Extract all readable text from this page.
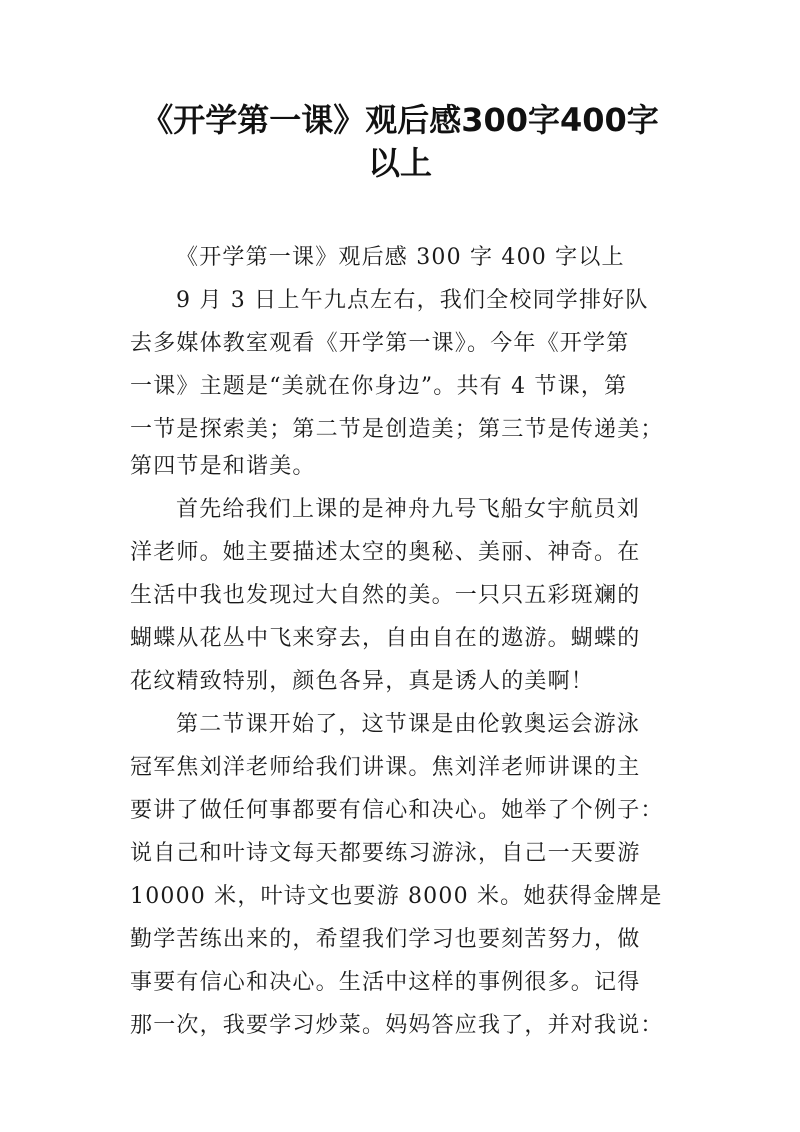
《开学第一课》观后感300字400字
以上
《开学第一课》观后感 300 字 400 字以上
9 月 3 日上午九点左右，我们全校同学排好队
去多媒体教室观看《开学第一课》。今年《开学第
一课》主题是“美就在你身边”。共有 4 节课，第
一节是探索美；第二节是创造美；第三节是传递美；
第四节是和谐美。
首先给我们上课的是神舟九号飞船女宇航员刘
洋老师。她主要描述太空的奥秘、美丽、神奇。在
生活中我也发现过大自然的美。一只只五彩斑斓的
蝴蝶从花丛中飞来穿去，自由自在的遨游。蝴蝶的
花纹精致特别，颜色各异，真是诱人的美啊！
第二节课开始了，这节课是由伦敦奥运会游泳
冠军焦刘洋老师给我们讲课。焦刘洋老师讲课的主
要讲了做任何事都要有信心和决心。她举了个例子：
说自己和叶诗文每天都要练习游泳，自己一天要游
10000 米，叶诗文也要游 8000 米。她获得金牌是
勤学苦练出来的，希望我们学习也要刻苦努力，做
事要有信心和决心。生活中这样的事例很多。记得
那一次，我要学习炒菜。妈妈答应我了，并对我说：
